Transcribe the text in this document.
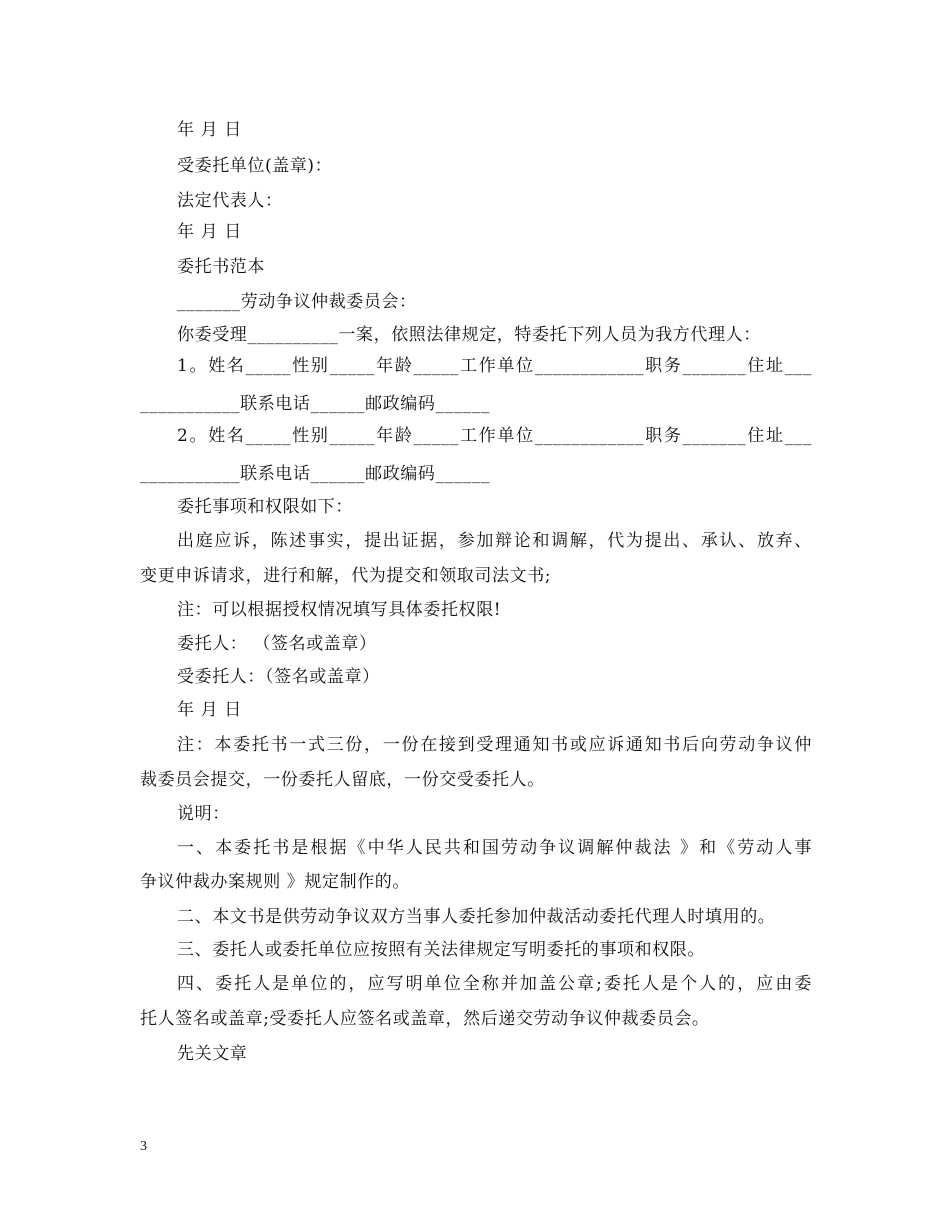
年 月 日
受委托单位(盖章)：
法定代表人：
年 月 日
委托书范本
_______劳动争议仲裁委员会：
你委受理__________一案，依照法律规定，特委托下列人员为我方代理人：
1。姓名_____性别_____年龄_____工作单位____________职务_______住址___
___________联系电话______邮政编码______
2。姓名_____性别_____年龄_____工作单位____________职务_______住址___
___________联系电话______邮政编码______
委托事项和权限如下：
出庭应诉，陈述事实，提出证据，参加辩论和调解，代为提出、承认、放弃、
变更申诉请求，进行和解，代为提交和领取司法文书;
注：可以根据授权情况填写具体委托权限!
委托人： （签名或盖章）
受委托人：（签名或盖章）
年 月 日
注：本委托书一式三份，一份在接到受理通知书或应诉通知书后向劳动争议仲
裁委员会提交，一份委托人留底，一份交受委托人。
说明：
一、本委托书是根据《中华人民共和国劳动争议调解仲裁法 》和《劳动人事
争议仲裁办案规则 》规定制作的。
二、本文书是供劳动争议双方当事人委托参加仲裁活动委托代理人时填用的。
三、委托人或委托单位应按照有关法律规定写明委托的事项和权限。
四、委托人是单位的，应写明单位全称并加盖公章;委托人是个人的，应由委
托人签名或盖章;受委托人应签名或盖章，然后递交劳动争议仲裁委员会。
先关文章
3
